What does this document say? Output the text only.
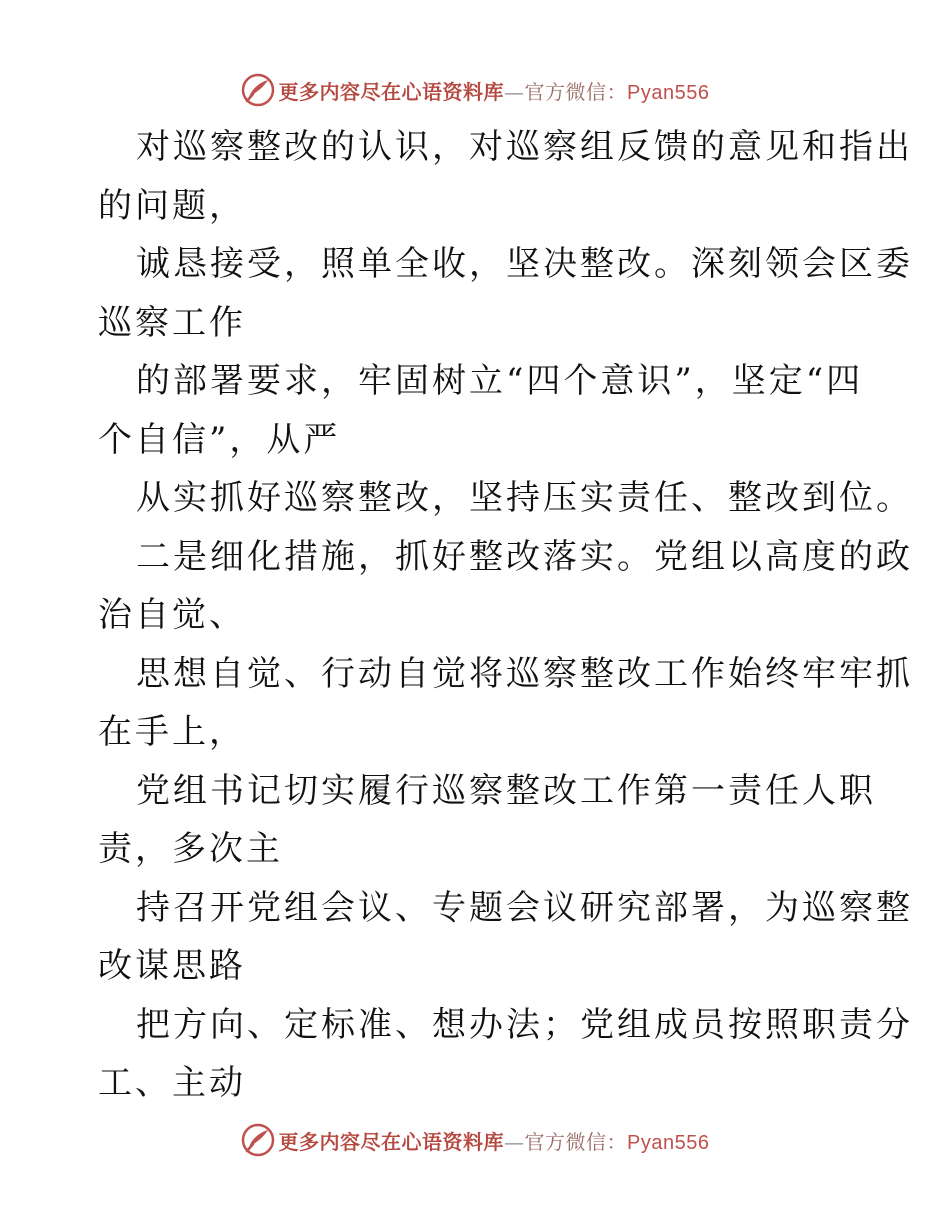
更多内容尽在心语资料库—官方微信：Pyan556
对巡察整改的认识，对巡察组反馈的意见和指出
的问题，
诚恳接受，照单全收，坚决整改。深刻领会区委
巡察工作
的部署要求，牢固树立“四个意识”，坚定“四
个自信”，从严
从实抓好巡察整改，坚持压实责任、整改到位。
二是细化措施，抓好整改落实。党组以高度的政
治自觉、
思想自觉、行动自觉将巡察整改工作始终牢牢抓
在手上，
党组书记切实履行巡察整改工作第一责任人职
责，多次主
持召开党组会议、专题会议研究部署，为巡察整
改谋思路
把方向、定标准、想办法；党组成员按照职责分
工、主动
更多内容尽在心语资料库—官方微信：Pyan556
